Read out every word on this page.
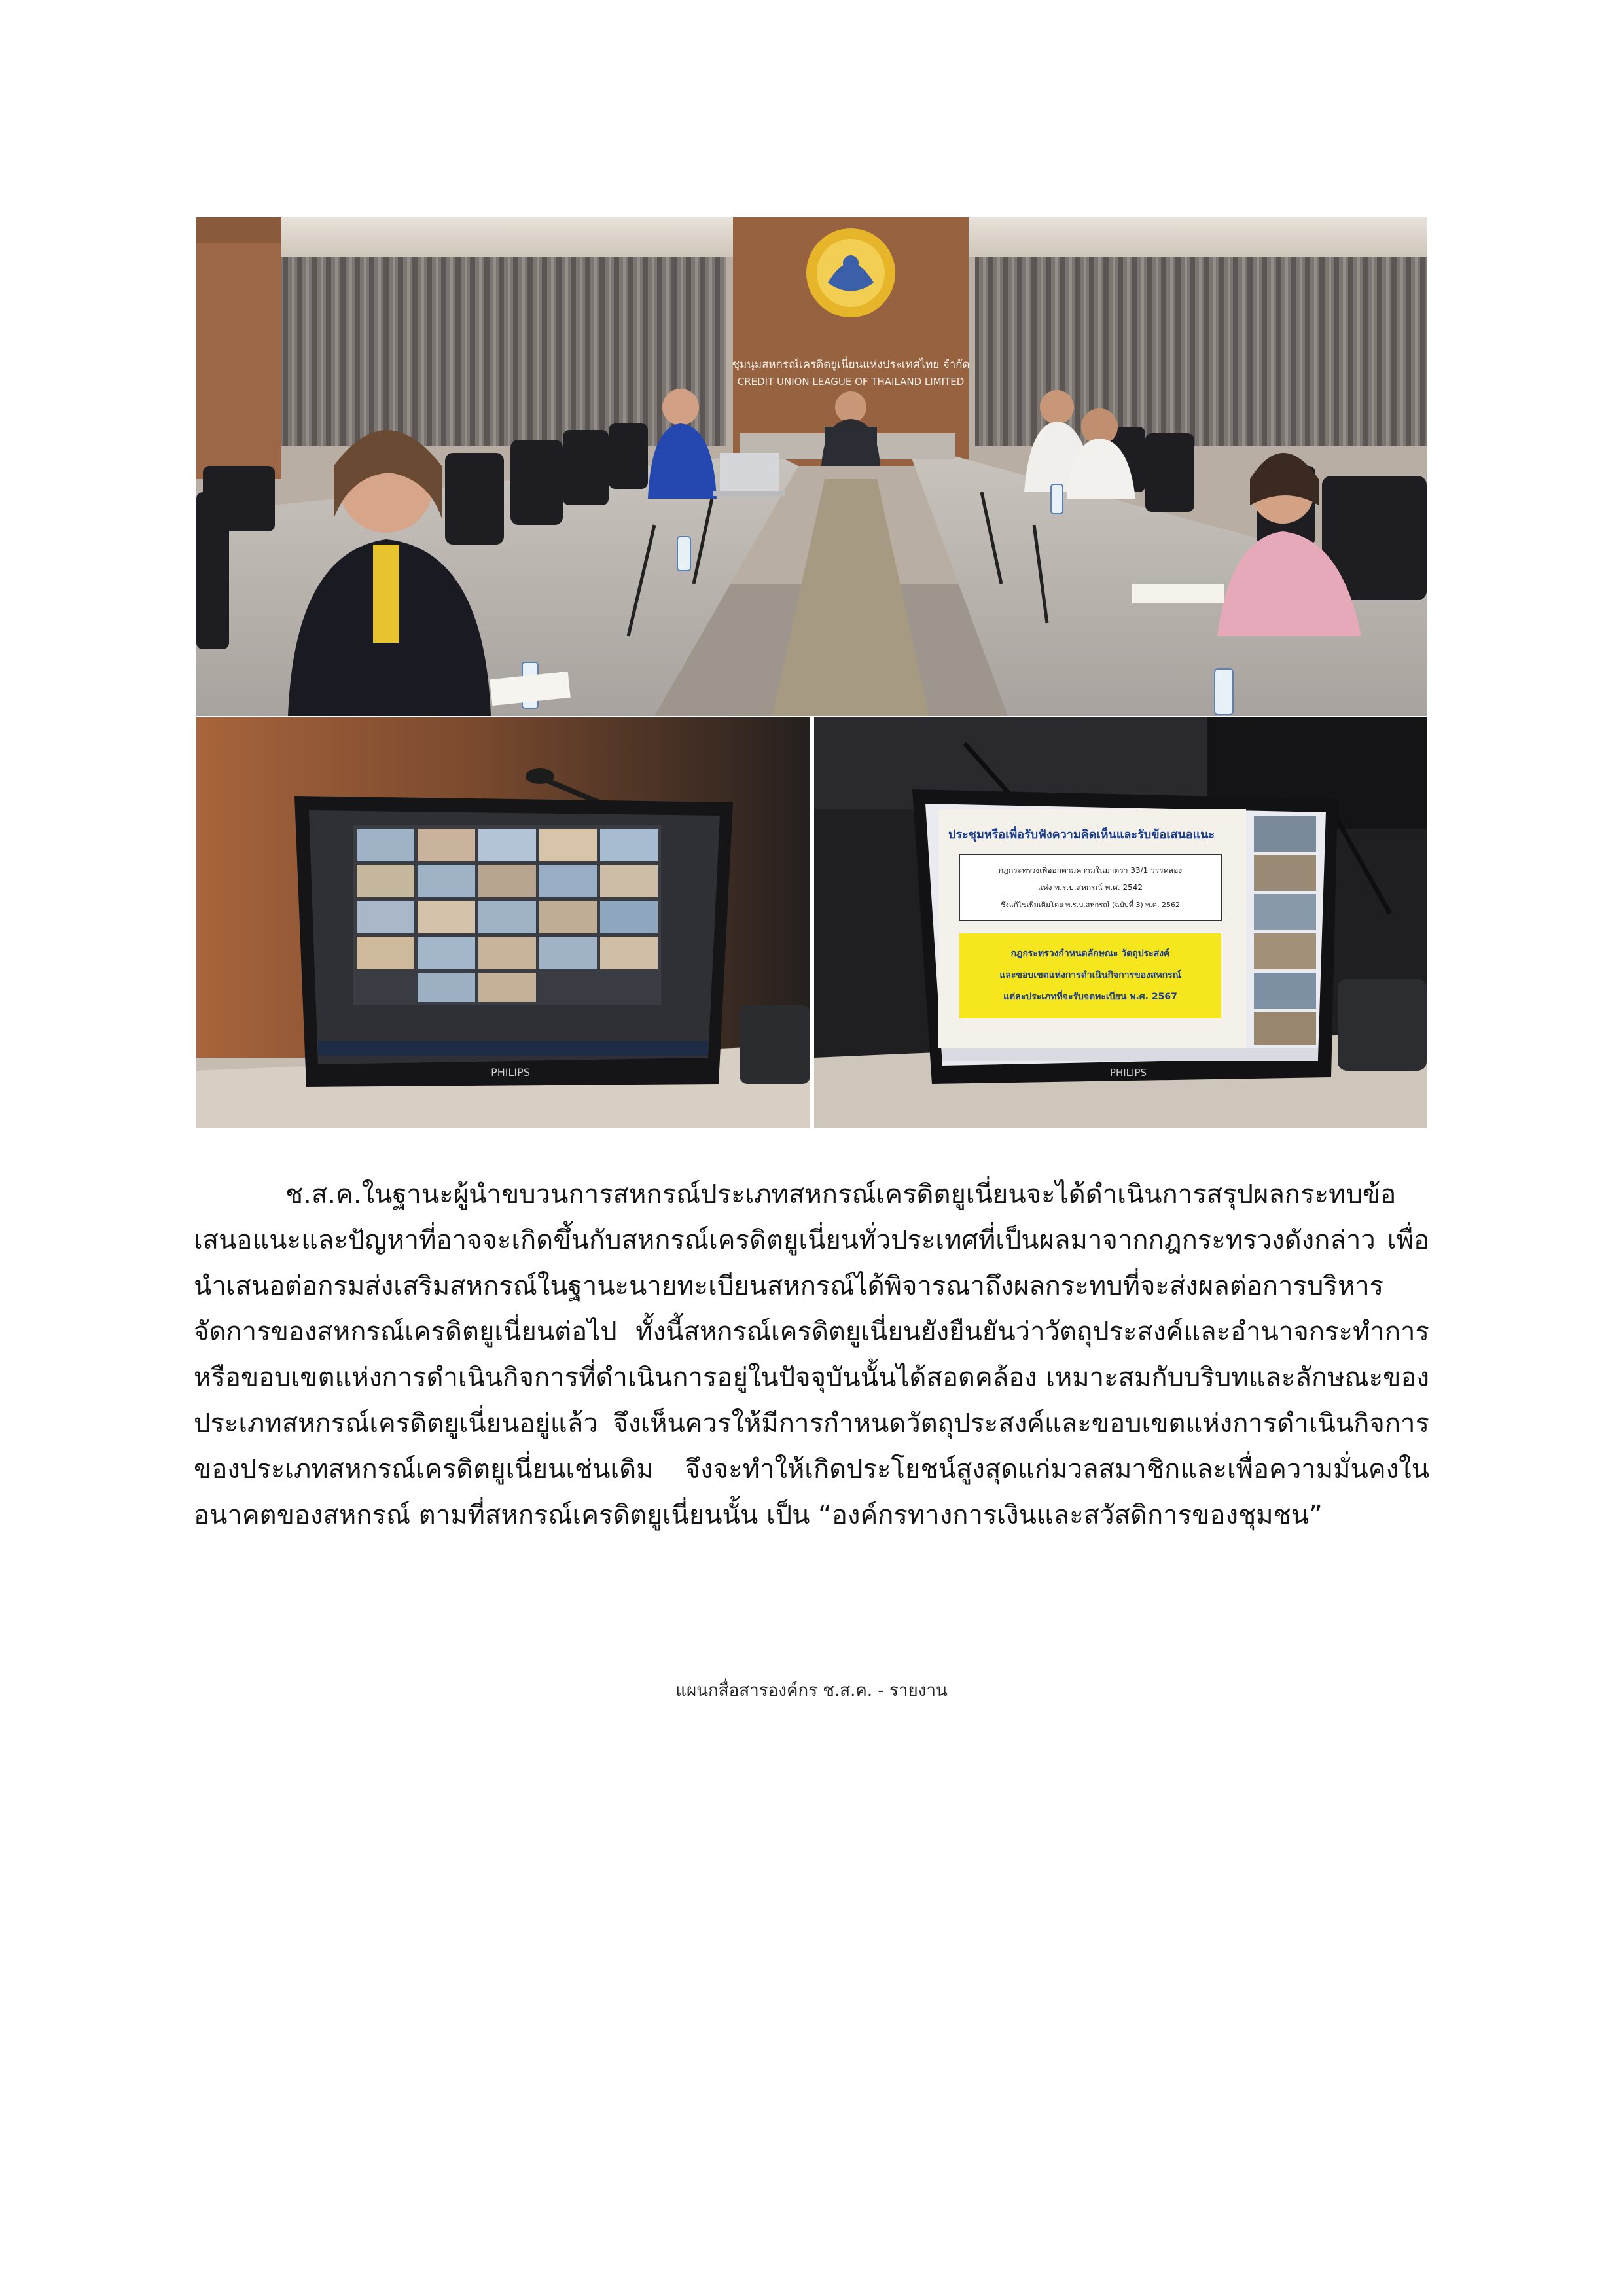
ชุมนุมสหกรณ์เครดิตยูเนี่ยนแห่งประเทศไทย จำกัด
CREDIT UNION LEAGUE OF THAILAND LIMITED
PHILIPS	PHILIPS
ประชุมหรือเพื่อรับฟังความคิดเห็นและรับข้อเสนอแนะ
กฎกระทรวงเพื่ออกตามความในมาตรา 33/1 วรรคสอง
แห่ง พ.ร.บ.สหกรณ์ พ.ศ. 2542
ซึ่งแก้ไขเพิ่มเติมโดย พ.ร.บ.สหกรณ์ (ฉบับที่ 3) พ.ศ. 2562
กฎกระทรวงกำหนดลักษณะ วัตถุประสงค์
และขอบเขตแห่งการดำเนินกิจการของสหกรณ์
แต่ละประเภทที่จะรับจดทะเบียน พ.ศ. 2567

ช.ส.ค.ในฐานะผู้นำขบวนการสหกรณ์ประเภทสหกรณ์เครดิตยูเนี่ยนจะได้ดำเนินการสรุปผลกระทบข้อเสนอแนะและปัญหาที่อาจจะเกิดขึ้นกับสหกรณ์เครดิตยูเนี่ยนทั่วประเทศที่เป็นผลมาจากกฎกระทรวงดังกล่าว เพื่อนำเสนอต่อกรมส่งเสริมสหกรณ์ในฐานะนายทะเบียนสหกรณ์ได้พิจารณาถึงผลกระทบที่จะส่งผลต่อการบริหารจัดการของสหกรณ์เครดิตยูเนี่ยนต่อไป ทั้งนี้สหกรณ์เครดิตยูเนี่ยนยังยืนยันว่าวัตถุประสงค์และอำนาจกระทำการหรือขอบเขตแห่งการดำเนินกิจการที่ดำเนินการอยู่ในปัจจุบันนั้นได้สอดคล้อง เหมาะสมกับบริบทและลักษณะของประเภทสหกรณ์เครดิตยูเนี่ยนอยู่แล้ว จึงเห็นควรให้มีการกำหนดวัตถุประสงค์และขอบเขตแห่งการดำเนินกิจการของประเภทสหกรณ์เครดิตยูเนี่ยนเช่นเดิม จึงจะทำให้เกิดประโยชน์สูงสุดแก่มวลสมาชิกและเพื่อความมั่นคงในอนาคตของสหกรณ์ ตามที่สหกรณ์เครดิตยูเนี่ยนนั้น เป็น “องค์กรทางการเงินและสวัสดิการของชุมชน”

แผนกสื่อสารองค์กร ช.ส.ค. - รายงาน
